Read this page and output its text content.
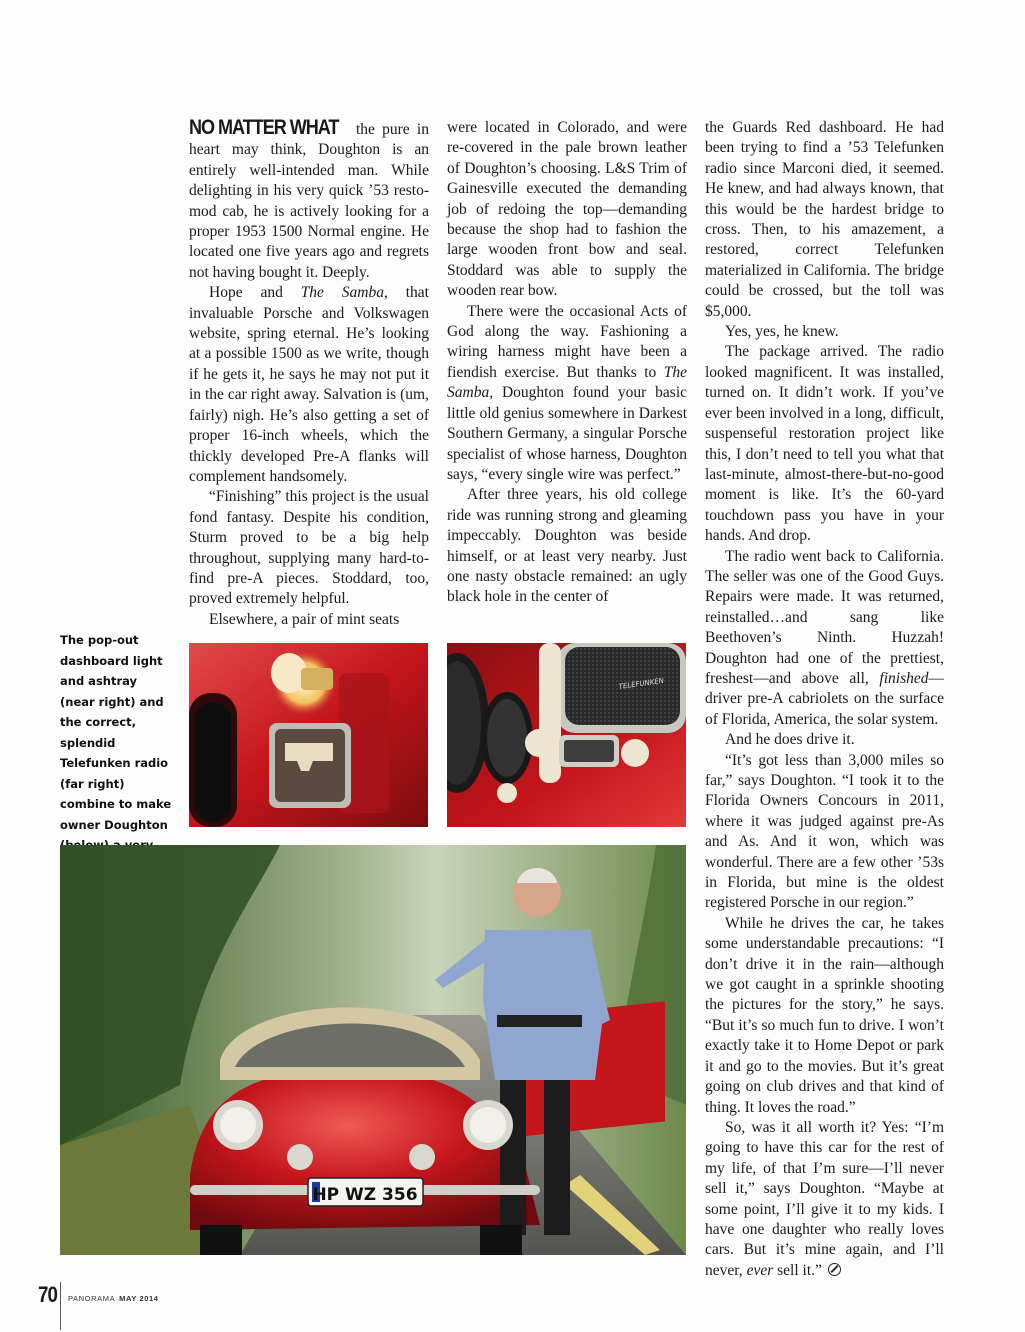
NO MATTER WHAT the pure in heart may think, Doughton is an entirely well-intended man. While delighting in his very quick ’53 resto-mod cab, he is actively looking for a proper 1953 1500 Normal engine. He located one five years ago and regrets not having bought it. Deeply.

Hope and The Samba, that invaluable Porsche and Volkswagen website, spring eternal. He’s looking at a possible 1500 as we write, though if he gets it, he says he may not put it in the car right away. Salvation is (um, fairly) nigh. He’s also getting a set of proper 16-inch wheels, which the thickly developed Pre-A flanks will complement handsomely.

“Finishing” this project is the usual fond fantasy. Despite his condition, Sturm proved to be a big help throughout, supplying many hard-to-find pre-A pieces. Stoddard, too, proved extremely helpful.

Elsewhere, a pair of mint seats

were located in Colorado, and were re-covered in the pale brown leather of Doughton’s choosing. L&S Trim of Gainesville executed the demanding job of redoing the top—demanding because the shop had to fashion the large wooden front bow and seal. Stoddard was able to supply the wooden rear bow.

There were the occasional Acts of God along the way. Fashioning a wiring harness might have been a fiendish exercise. But thanks to The Samba, Doughton found your basic little old genius somewhere in Darkest Southern Germany, a singular Porsche specialist of whose harness, Doughton says, “every single wire was perfect.”

After three years, his old college ride was running strong and gleaming impeccably. Doughton was beside himself, or at least very nearby. Just one nasty obstacle remained: an ugly black hole in the center of

the Guards Red dashboard. He had been trying to find a ’53 Telefunken radio since Marconi died, it seemed. He knew, and had always known, that this would be the hardest bridge to cross. Then, to his amazement, a restored, correct Telefunken materialized in California. The bridge could be crossed, but the toll was $5,000.

Yes, yes, he knew.

The package arrived. The radio looked magnificent. It was installed, turned on. It didn’t work. If you’ve ever been involved in a long, difficult, suspenseful restoration project like this, I don’t need to tell you what that last-minute, almost-there-but-no-good moment is like. It’s the 60-yard touchdown pass you have in your hands. And drop.

The radio went back to California. The seller was one of the Good Guys. Repairs were made. It was returned, reinstalled…and sang like Beethoven’s Ninth. Huzzah! Doughton had one of the prettiest, freshest—and above all, finished—driver pre-A cabriolets on the surface of Florida, America, the solar system.

And he does drive it.

“It’s got less than 3,000 miles so far,” says Doughton. “I took it to the Florida Owners Concours in 2011, where it was judged against pre-As and As. And it won, which was wonderful. There are a few other ’53s in Florida, but mine is the oldest registered Porsche in our region.”

While he drives the car, he takes some understandable precautions: “I don’t drive it in the rain—although we got caught in a sprinkle shooting the pictures for the story,” he says. “But it’s so much fun to drive. I won’t exactly take it to Home Depot or park it and go to the movies. But it’s great going on club drives and that kind of thing. It loves the road.”

So, was it all worth it? Yes: “I’m going to have this car for the rest of my life, of that I’m sure—I’ll never sell it,” says Doughton. “Maybe at some point, I’ll give it to my kids. I have one daughter who really loves cars. But it’s mine again, and I’ll never, ever sell it.”

The pop-out dashboard light and ashtray (near right) and the correct, splendid Telefunken radio (far right) combine to make owner Doughton
TELEFUNKEN
HP WZ 356
70 PANORAMA MAY 2014
